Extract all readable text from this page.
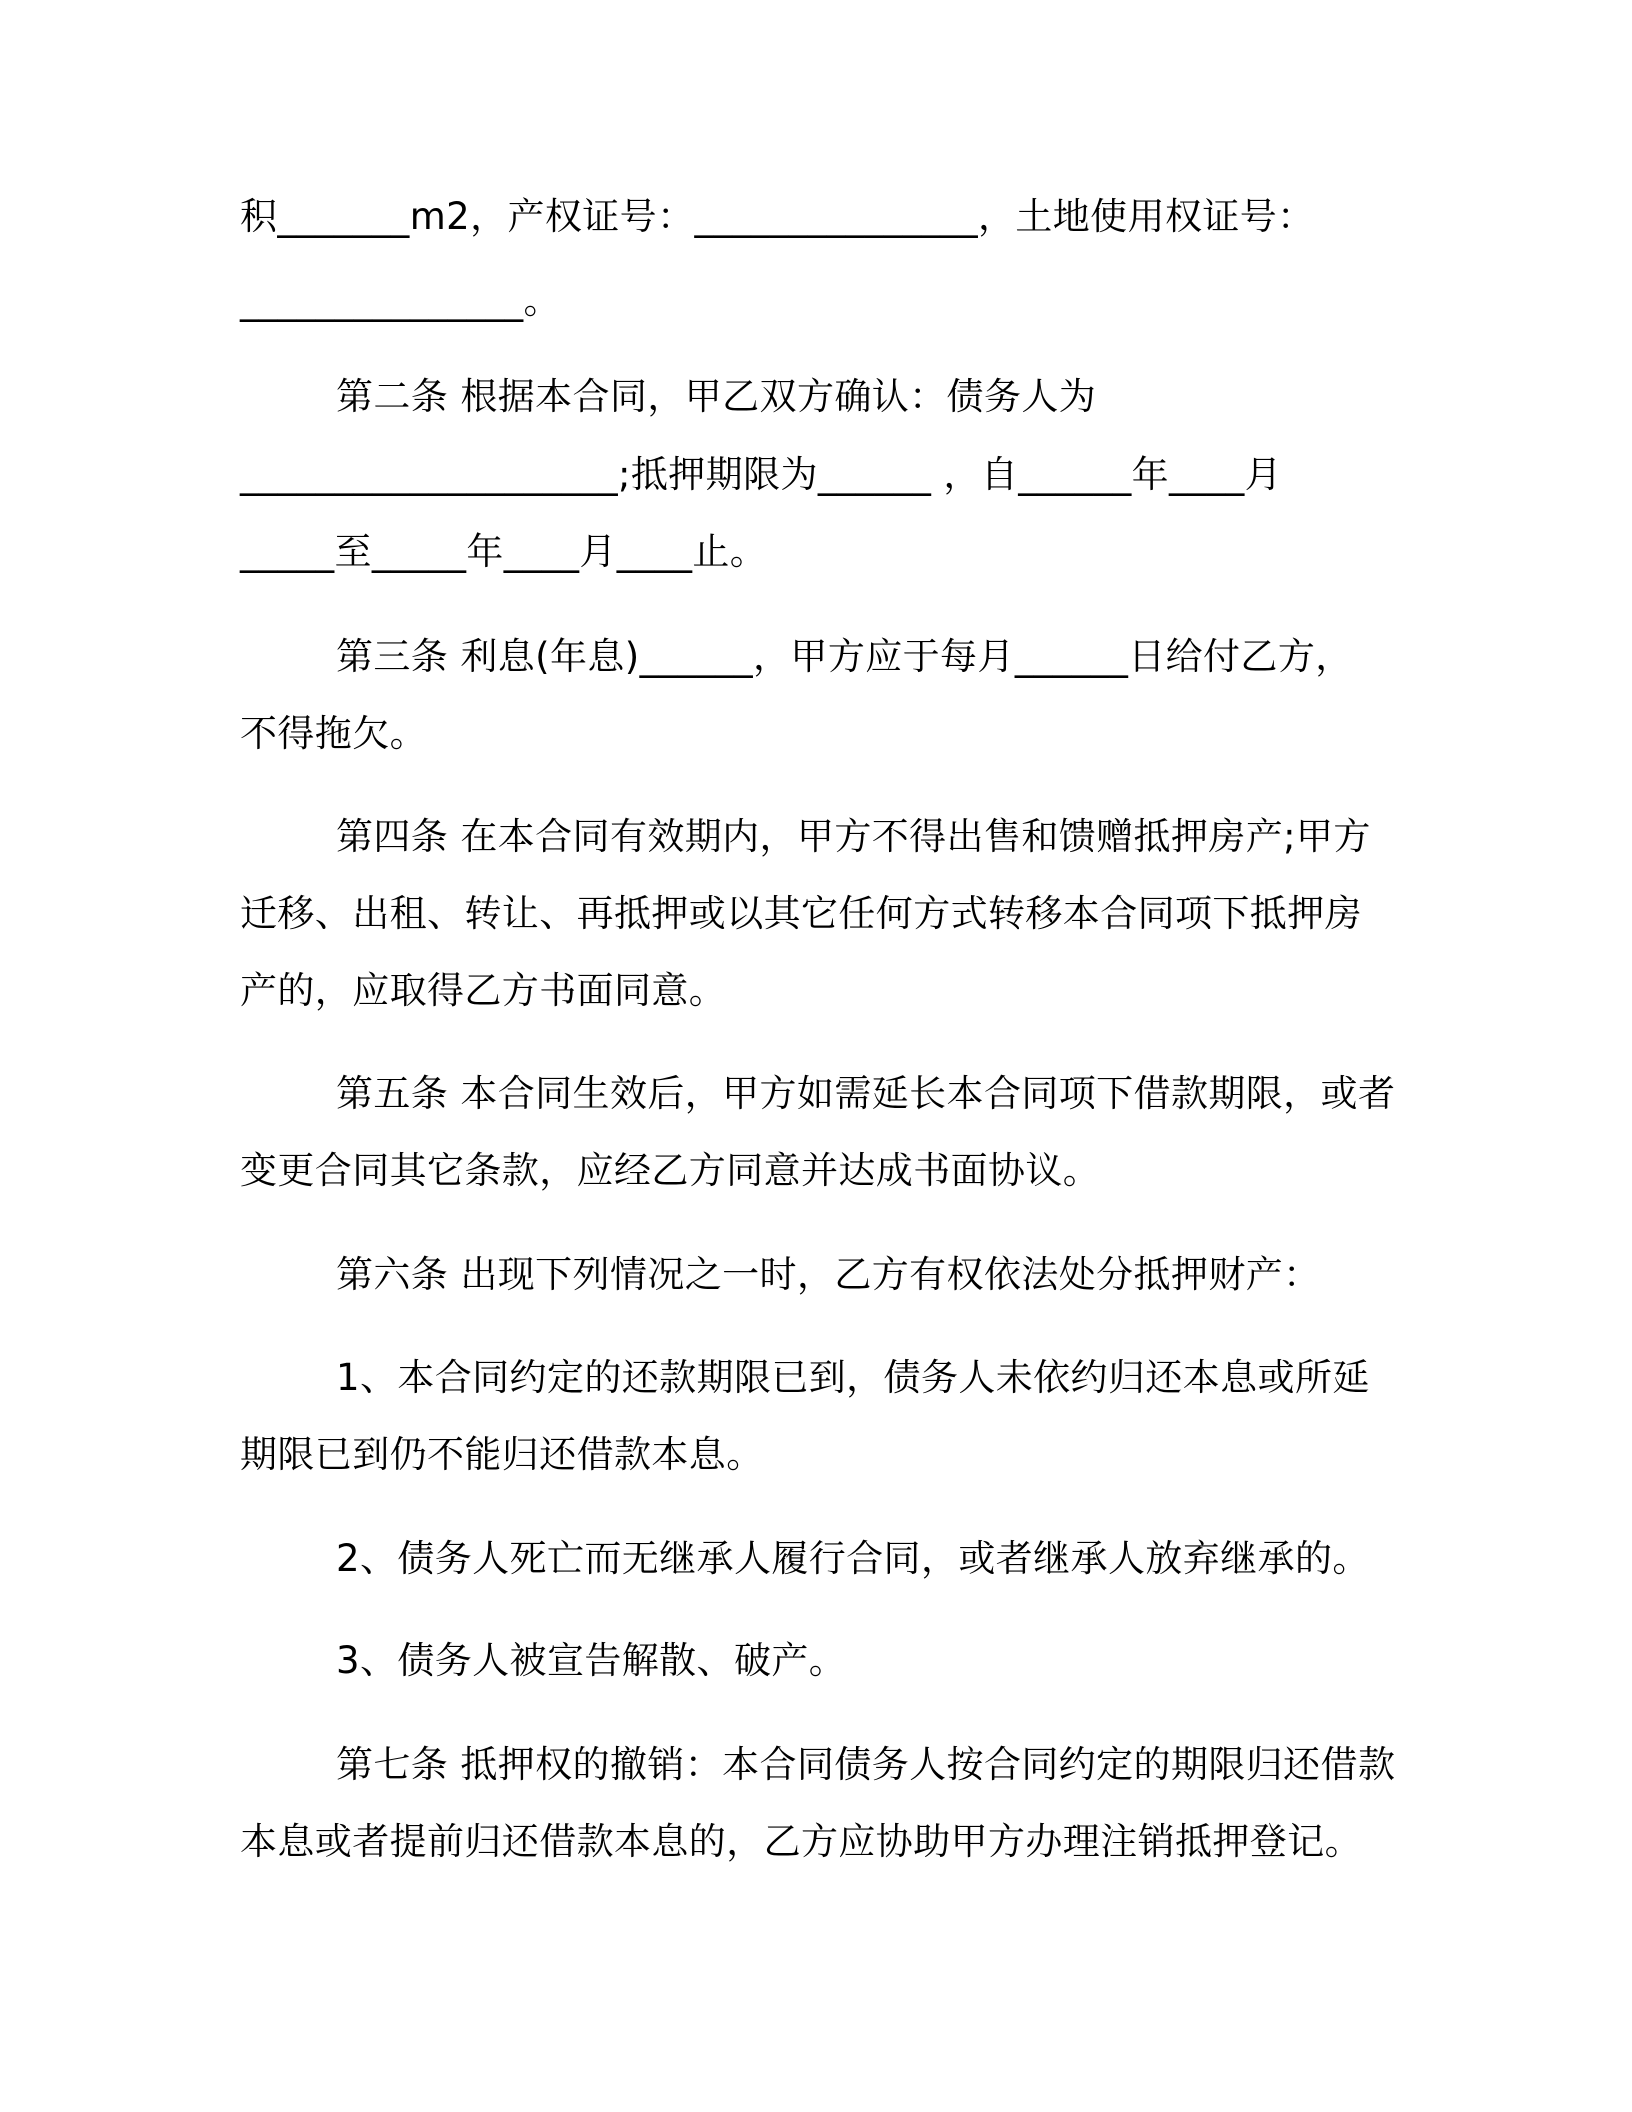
积_______m2，产权证号：_______________，土地使用权证号：
_______________。
第二条 根据本合同，甲乙双方确认：债务人为
____________________;抵押期限为______ ，自______年____月
_____至_____年____月____止。
第三条 利息(年息)______，甲方应于每月______日给付乙方，
不得拖欠。
第四条 在本合同有效期内，甲方不得出售和馈赠抵押房产;甲方
迁移、出租、转让、再抵押或以其它任何方式转移本合同项下抵押房
产的，应取得乙方书面同意。
第五条 本合同生效后，甲方如需延长本合同项下借款期限，或者
变更合同其它条款，应经乙方同意并达成书面协议。
第六条 出现下列情况之一时，乙方有权依法处分抵押财产：
1、本合同约定的还款期限已到，债务人未依约归还本息或所延
期限已到仍不能归还借款本息。
2、债务人死亡而无继承人履行合同，或者继承人放弃继承的。
3、债务人被宣告解散、破产。
第七条 抵押权的撤销：本合同债务人按合同约定的期限归还借款
本息或者提前归还借款本息的，乙方应协助甲方办理注销抵押登记。
